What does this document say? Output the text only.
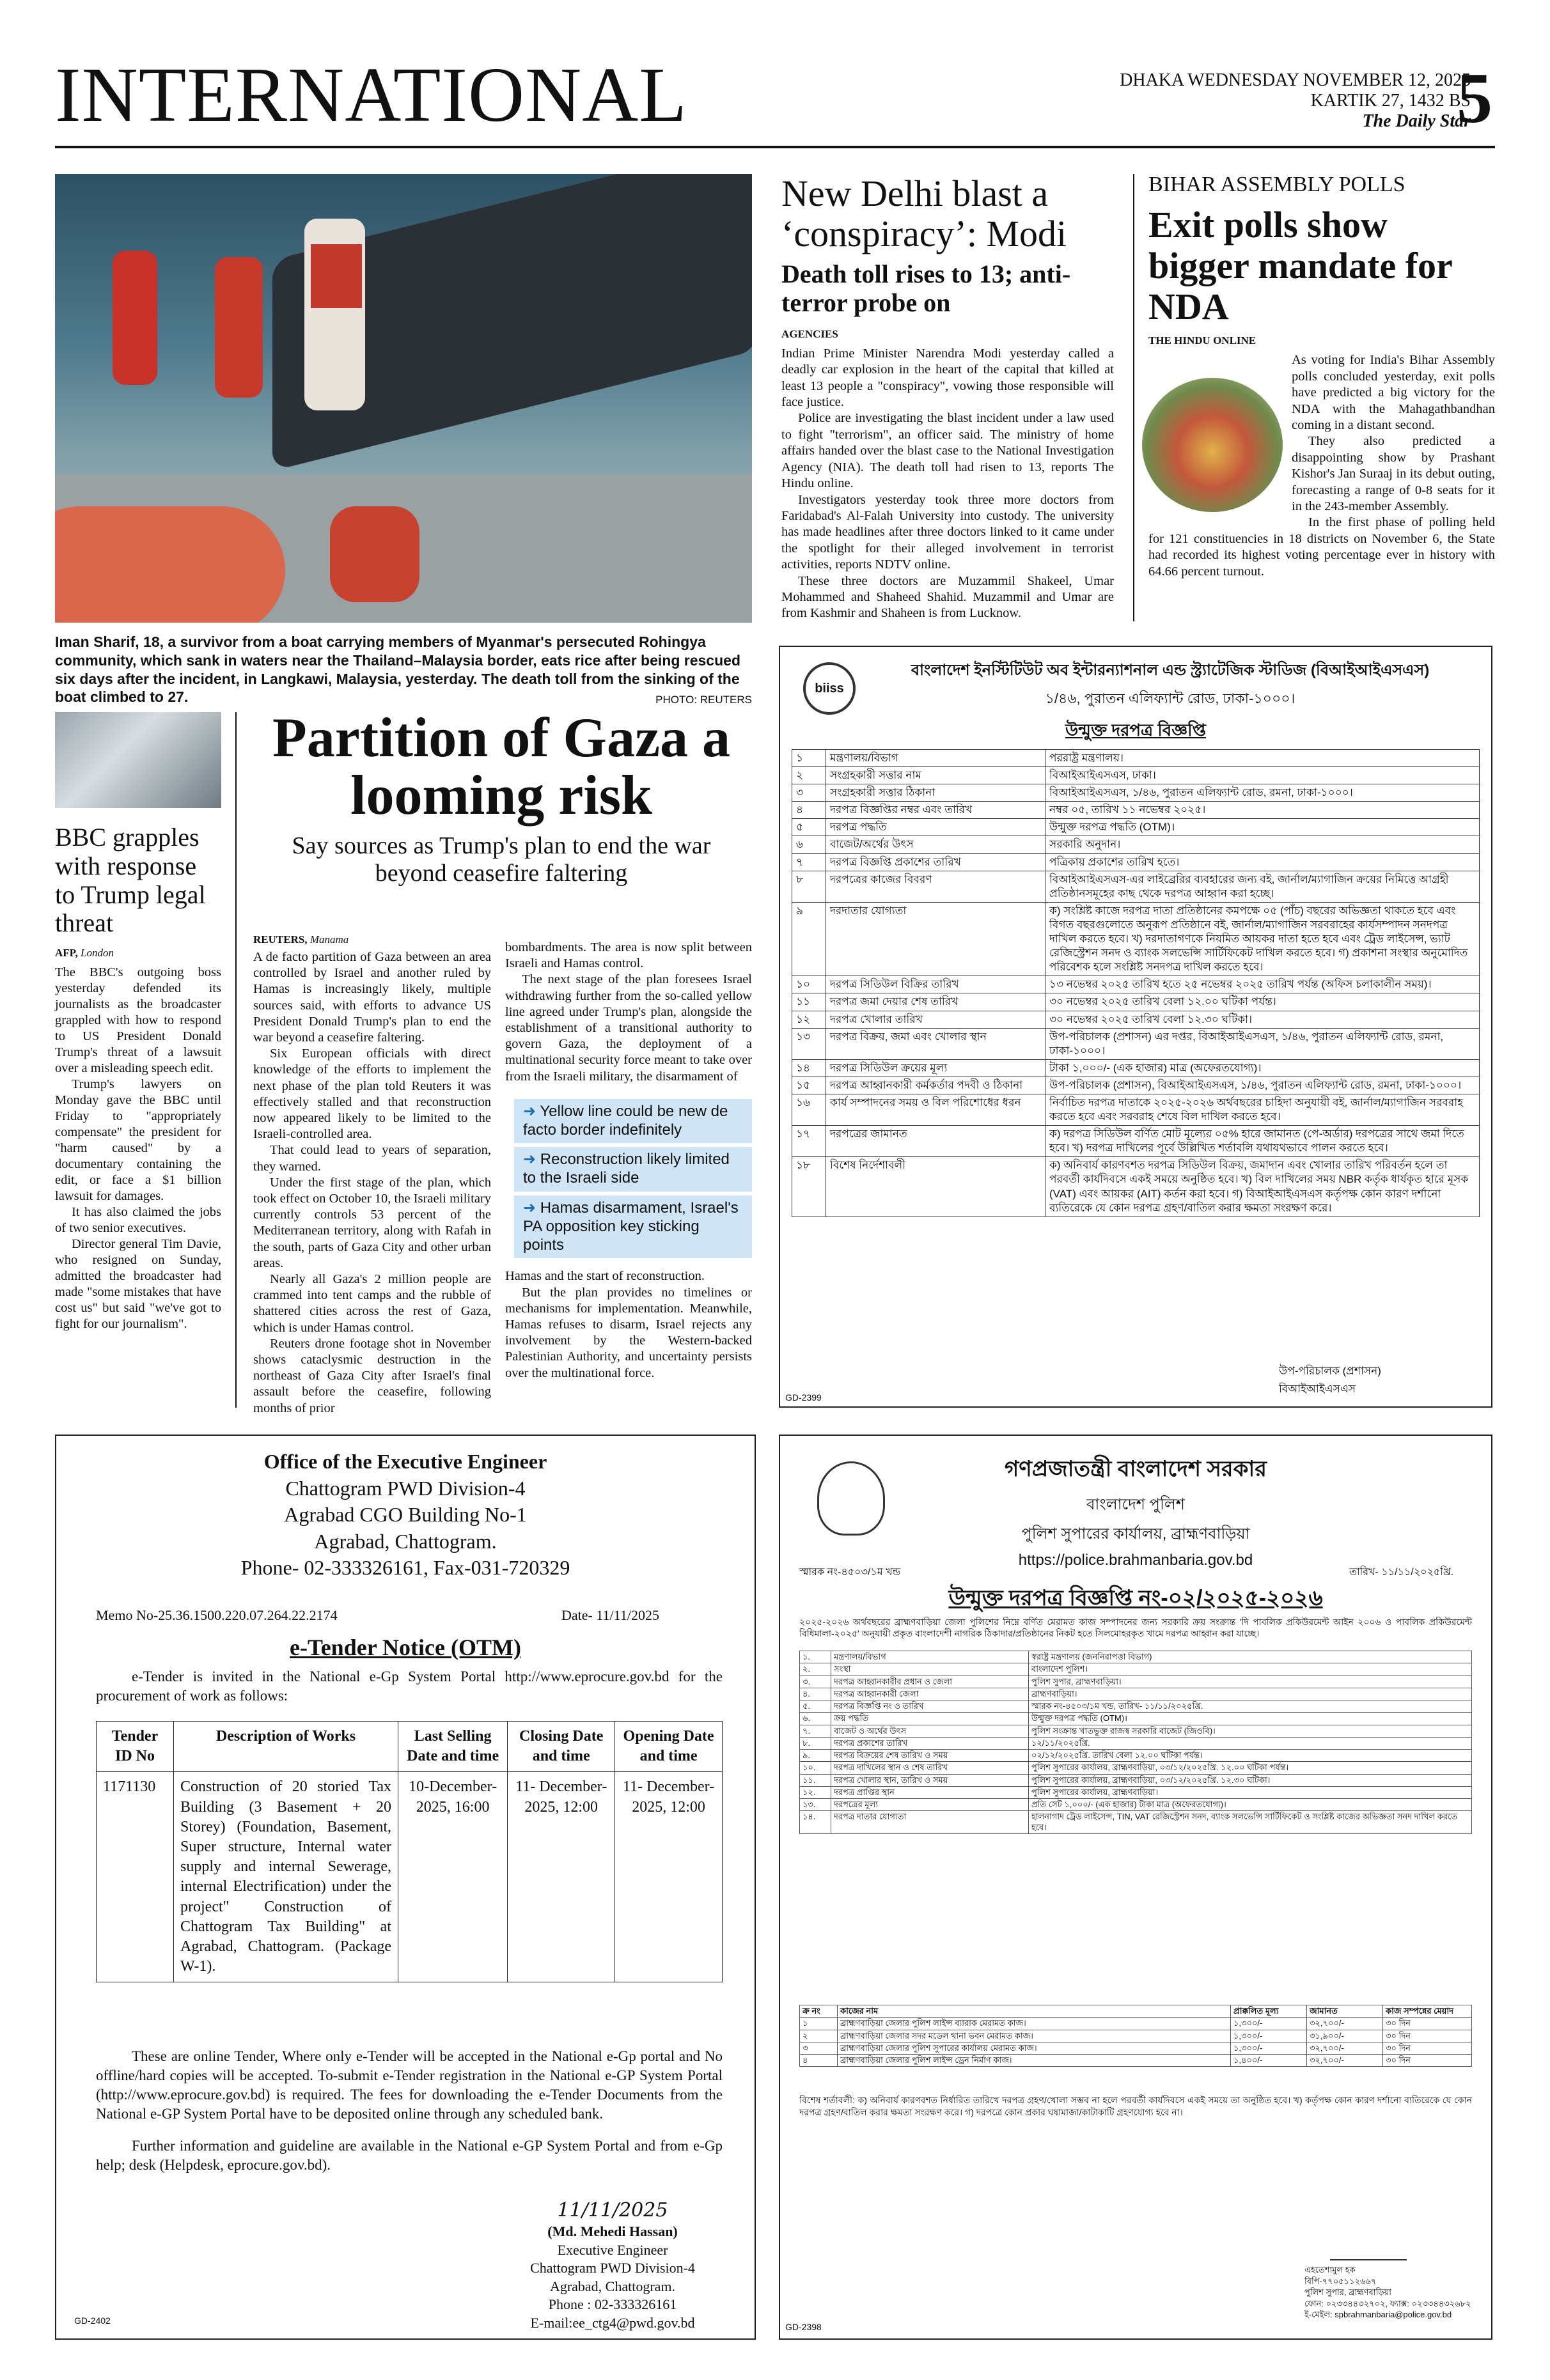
INTERNATIONAL	DHAKA WEDNESDAY NOVEMBER 12, 2025
KARTIK 27, 1432 BS
The Daily Star
5
Iman Sharif, 18, a survivor from a boat carrying members of Myanmar's persecuted Rohingya community, which sank in waters near the Thailand–Malaysia border, eats rice after being rescued six days after the incident, in Langkawi, Malaysia, yesterday. The death toll from the sinking of the boat climbed to 27.	PHOTO: REUTERS
New Delhi blast a ‘conspiracy’: Modi
Death toll rises to 13; anti-terror probe on
AGENCIES

Indian Prime Minister Narendra Modi yesterday called a deadly car explosion in the heart of the capital that killed at least 13 people a "conspiracy", vowing those responsible will face justice.

Police are investigating the blast incident under a law used to fight "terrorism", an officer said. The ministry of home affairs handed over the blast case to the National Investigation Agency (NIA). The death toll had risen to 13, reports The Hindu online.

Investigators yesterday took three more doctors from Faridabad's Al-Falah University into custody. The university has made headlines after three doctors linked to it came under the spotlight for their alleged involvement in terrorist activities, reports NDTV online.

These three doctors are Muzammil Shakeel, Umar Mohammed and Shaheed Shahid. Muzammil and Umar are from Kashmir and Shaheen is from Lucknow.

BIHAR ASSEMBLY POLLS
Exit polls show bigger mandate for NDA
THE HINDU ONLINE

As voting for India's Bihar Assembly polls concluded yesterday, exit polls have predicted a big victory for the NDA with the Mahagathbandhan coming in a distant second.

They also predicted a disappointing show by Prashant Kishor's Jan Suraaj in its debut outing, forecasting a range of 0-8 seats for it in the 243-member Assembly.

In the first phase of polling held for 121 constituencies in 18 districts on November 6, the State had recorded its highest voting percentage ever in history with 64.66 percent turnout.

BBC grapples with response to Trump legal threat
AFP, London

The BBC's outgoing boss yesterday defended its journalists as the broadcaster grappled with how to respond to US President Donald Trump's threat of a lawsuit over a misleading speech edit.

Trump's lawyers on Monday gave the BBC until Friday to "appropriately compensate" the president for "harm caused" by a documentary containing the edit, or face a $1 billion lawsuit for damages.

It has also claimed the jobs of two senior executives.

Director general Tim Davie, who resigned on Sunday, admitted the broadcaster had made "some mistakes that have cost us" but said "we've got to fight for our journalism".

Partition of Gaza a looming risk
Say sources as Trump's plan to end the war beyond ceasefire faltering
REUTERS, Manama

A de facto partition of Gaza between an area controlled by Israel and another ruled by Hamas is increasingly likely, multiple sources said, with efforts to advance US President Donald Trump's plan to end the war beyond a ceasefire faltering.

Six European officials with direct knowledge of the efforts to implement the next phase of the plan told Reuters it was effectively stalled and that reconstruction now appeared likely to be limited to the Israeli-controlled area.

That could lead to years of separation, they warned.

Under the first stage of the plan, which took effect on October 10, the Israeli military currently controls 53 percent of the Mediterranean territory, along with Rafah in the south, parts of Gaza City and other urban areas.

Nearly all Gaza's 2 million people are crammed into tent camps and the rubble of shattered cities across the rest of Gaza, which is under Hamas control.

Reuters drone footage shot in November shows cataclysmic destruction in the northeast of Gaza City after Israel's final assault before the ceasefire, following months of prior

bombardments. The area is now split between Israeli and Hamas control.

The next stage of the plan foresees Israel withdrawing further from the so-called yellow line agreed under Trump's plan, alongside the establishment of a transitional authority to govern Gaza, the deployment of a multinational security force meant to take over from the Israeli military, the disarmament of

➜ Yellow line could be new de facto border indefinitely
➜ Reconstruction likely limited to the Israeli side
➜ Hamas disarmament, Israel's PA opposition key sticking points

Hamas and the start of reconstruction.

But the plan provides no timelines or mechanisms for implementation. Meanwhile, Hamas refuses to disarm, Israel rejects any involvement by the Western-backed Palestinian Authority, and uncertainty persists over the multinational force.

biiss
বাংলাদেশ ইনস্টিটিউট অব ইন্টারন্যাশনাল এন্ড স্ট্র্যাটেজিক স্টাডিজ (বিআইআইএসএস)
১/৪৬, পুরাতন এলিফ্যান্ট রোড, ঢাকা-১০০০।
উন্মুক্ত দরপত্র বিজ্ঞপ্তি
১	মন্ত্রণালয়/বিভাগ	পররাষ্ট্র মন্ত্রণালয়।
২	সংগ্রহকারী সত্তার নাম	বিআইআইএসএস, ঢাকা।
৩	সংগ্রহকারী সত্তার ঠিকানা	বিআইআইএসএস, ১/৪৬, পুরাতন এলিফ্যান্ট রোড, রমনা, ঢাকা-১০০০।
৪	দরপত্র বিজ্ঞপ্তির নম্বর এবং তারিখ	নম্বর ০৫, তারিখ ১১ নভেম্বর ২০২৫।
৫	দরপত্র পদ্ধতি	উন্মুক্ত দরপত্র পদ্ধতি (OTM)।
৬	বাজেট/অর্থের উৎস	সরকারি অনুদান।
৭	দরপত্র বিজ্ঞপ্তি প্রকাশের তারিখ	পত্রিকায় প্রকাশের তারিখ হতে।
৮	দরপত্রের কাজের বিবরণ	বিআইআইএসএস-এর লাইব্রেরির ব্যবহারের জন্য বই, জার্নাল/ম্যাগাজিন ক্রয়ের নিমিত্তে আগ্রহী প্রতিষ্ঠানসমূহের কাছ থেকে দরপত্র আহ্বান করা হচ্ছে।
৯	দরদাতার যোগ্যতা	ক) সংশ্লিষ্ট কাজে দরপত্র দাতা প্রতিষ্ঠানের কমপক্ষে ০৫ (পাঁচ) বছরের অভিজ্ঞতা থাকতে হবে এবং বিগত বছরগুলোতে অনুরূপ প্রতিষ্ঠানে বই, জার্নাল/ম্যাগাজিন সরবরাহের কার্যসম্পাদন সনদপত্র দাখিল করতে হবে। খ) দরদাতাগণকে নিয়মিত আয়কর দাতা হতে হবে এবং ট্রেড লাইসেন্স, ভ্যাট রেজিস্ট্রেশন সনদ ও ব্যাংক সলভেন্সি সার্টিফিকেট দাখিল করতে হবে। গ) প্রকাশনা সংস্থার অনুমোদিত পরিবেশক হলে সংশ্লিষ্ট সনদপত্র দাখিল করতে হবে।
১০	দরপত্র সিডিউল বিক্রির তারিখ	১৩ নভেম্বর ২০২৫ তারিখ হতে ২৫ নভেম্বর ২০২৫ তারিখ পর্যন্ত (অফিস চলাকালীন সময়)।
১১	দরপত্র জমা দেয়ার শেষ তারিখ	৩০ নভেম্বর ২০২৫ তারিখ বেলা ১২.০০ ঘটিকা পর্যন্ত।
১২	দরপত্র খোলার তারিখ	৩০ নভেম্বর ২০২৫ তারিখ বেলা ১২.৩০ ঘটিকা।
১৩	দরপত্র বিক্রয়, জমা এবং খোলার স্থান	উপ-পরিচালক (প্রশাসন) এর দপ্তর, বিআইআইএসএস, ১/৪৬, পুরাতন এলিফ্যান্ট রোড, রমনা, ঢাকা-১০০০।
১৪	দরপত্র সিডিউল ক্রয়ের মূল্য	টাকা ১,০০০/- (এক হাজার) মাত্র (অফেরতযোগ্য)।
১৫	দরপত্র আহ্বানকারী কর্মকর্তার পদবী ও ঠিকানা	উপ-পরিচালক (প্রশাসন), বিআইআইএসএস, ১/৪৬, পুরাতন এলিফ্যান্ট রোড, রমনা, ঢাকা-১০০০।
১৬	কার্য সম্পাদনের সময় ও বিল পরিশোধের ধরন	নির্বাচিত দরপত্র দাতাকে ২০২৫-২০২৬ অর্থবছরের চাহিদা অনুযায়ী বই, জার্নাল/ম্যাগাজিন সরবরাহ করতে হবে এবং সরবরাহ শেষে বিল দাখিল করতে হবে।
১৭	দরপত্রের জামানত	ক) দরপত্র সিডিউল বর্ণিত মোট মূল্যের ০৫% হারে জামানত (পে-অর্ডার) দরপত্রের সাথে জমা দিতে হবে। খ) দরপত্র দাখিলের পূর্বে উল্লিখিত শর্তাবলি যথাযথভাবে পালন করতে হবে।
১৮	বিশেষ নির্দেশাবলী	ক) অনিবার্য কারণবশত দরপত্র সিডিউল বিক্রয়, জমাদান এবং খোলার তারিখ পরিবর্তন হলে তা পরবর্তী কার্যদিবসে একই সময়ে অনুষ্ঠিত হবে। খ) বিল দাখিলের সময় NBR কর্তৃক ধার্যকৃত হারে মূসক (VAT) এবং আয়কর (AIT) কর্তন করা হবে। গ) বিআইআইএসএস কর্তৃপক্ষ কোন কারণ দর্শানো ব্যতিরেকে যে কোন দরপত্র গ্রহণ/বাতিল করার ক্ষমতা সংরক্ষণ করে।
উপ-পরিচালক (প্রশাসন)
বিআইআইএসএস
GD-2399
Office of the Executive Engineer
Chattogram PWD Division-4
Agrabad CGO Building No-1
Agrabad, Chattogram.
Phone- 02-333326161, Fax-031-720329
Memo No-25.36.1500.220.07.264.22.2174	Date- 11/11/2025
e-Tender Notice (OTM)
e-Tender is invited in the National e-Gp System Portal http://www.eprocure.gov.bd for the procurement of work as follows:
Tender ID No	Description of Works	Last Selling Date and time	Closing Date and time	Opening Date and time
1171130	Construction of 20 storied Tax Building (3 Basement + 20 Storey) (Foundation, Basement, Super structure, Internal water supply and internal Sewerage, internal Electrification) under the project" Construction of Chattogram Tax Building" at Agrabad, Chattogram. (Package W-1).	10-December-2025, 16:00	11- December-2025, 12:00	11- December-2025, 12:00
These are online Tender, Where only e-Tender will be accepted in the National e-Gp portal and No offline/hard copies will be accepted. To-submit e-Tender registration in the National e-GP System Portal (http://www.eprocure.gov.bd) is required. The fees for downloading the e-Tender Documents from the National e-GP System Portal have to be deposited online through any scheduled bank.
Further information and guideline are available in the National e-GP System Portal and from e-Gp help; desk (Helpdesk, eprocure.gov.bd).
11/11/2025
(Md. Mehedi Hassan)
Executive Engineer
Chattogram PWD Division-4
Agrabad, Chattogram.
Phone : 02-333326161
E-mail:ee_ctg4@pwd.gov.bd
GD-2402
গণপ্রজাতন্ত্রী বাংলাদেশ সরকার
বাংলাদেশ পুলিশ
পুলিশ সুপারের কার্যালয়, ব্রাহ্মণবাড়িয়া
https://police.brahmanbaria.gov.bd
স্মারক নং-৪৫০৩/১ম খন্ড	তারিখ- ১১/১১/২০২৫খ্রি.
উন্মুক্ত দরপত্র বিজ্ঞপ্তি নং-০২/২০২৫-২০২৬
২০২৫-২০২৬ অর্থবছরের ব্রাহ্মণবাড়িয়া জেলা পুলিশের নিম্নে বর্ণিত মেরামত কাজ সম্পাদনের জন্য সরকারি ক্রয় সংক্রান্ত 'দি পাবলিক প্রকিউরমেন্ট আইন ২০০৬ ও পাবলিক প্রকিউরমেন্ট বিধিমালা-২০২৫' অনুযায়ী প্রকৃত বাংলাদেশী নাগরিক ঠিকাদার/প্রতিষ্ঠানের নিকট হতে সিলমোহরকৃত খামে দরপত্র আহ্বান করা যাচ্ছে।
১.	মন্ত্রণালয়/বিভাগ	স্বরাষ্ট্র মন্ত্রণালয় (জননিরাপত্তা বিভাগ)
২.	সংস্থা	বাংলাদেশ পুলিশ।
৩.	দরপত্র আহ্বানকারীর প্রধান ও জেলা	পুলিশ সুপার, ব্রাহ্মণবাড়িয়া।
৪.	দরপত্র আহ্বানকারী জেলা	ব্রাহ্মণবাড়িয়া।
৫.	দরপত্র বিজ্ঞপ্তি নং ও তারিখ	স্মারক নং-৪৫০৩/১ম খন্ড, তারিখ- ১১/১১/২০২৫খ্রি.
৬.	ক্রয় পদ্ধতি	উন্মুক্ত দরপত্র পদ্ধতি (OTM)।
৭.	বাজেট ও অর্থের উৎস	পুলিশ সংক্রান্ত খাতভুক্ত রাজস্ব সরকারি বাজেট (জিওবি)।
৮.	দরপত্র প্রকাশের তারিখ	১২/১১/২০২৫খ্রি.
৯.	দরপত্র বিক্রয়ের শেষ তারিখ ও সময়	০২/১২/২০২৫খ্রি. তারিখ বেলা ১২.০০ ঘটিকা পর্যন্ত।
১০.	দরপত্র দাখিলের স্থান ও শেষ তারিখ	পুলিশ সুপারের কার্যালয়, ব্রাহ্মণবাড়িয়া, ০৩/১২/২০২৫খ্রি. ১২.০০ ঘটিকা পর্যন্ত।
১১.	দরপত্র খোলার স্থান, তারিখ ও সময়	পুলিশ সুপারের কার্যালয়, ব্রাহ্মণবাড়িয়া, ০৩/১২/২০২৫খ্রি. ১২.৩০ ঘটিকা।
১২.	দরপত্র প্রাপ্তির স্থান	পুলিশ সুপারের কার্যালয়, ব্রাহ্মণবাড়িয়া।
১৩.	দরপত্রের মূল্য	প্রতি সেট ১,০০০/- (এক হাজার) টাকা মাত্র (অফেরতযোগ্য)।
১৪.	দরপত্র দাতার যোগ্যতা	হালনাগাদ ট্রেড লাইসেন্স, TIN, VAT রেজিস্ট্রেশন সনদ, ব্যাংক সলভেন্সি সার্টিফিকেট ও সংশ্লিষ্ট কাজের অভিজ্ঞতা সনদ দাখিল করতে হবে।
ক্র নং	কাজের নাম	প্রাক্কলিত মূল্য	জামানত	কাজ সম্পন্নের মেয়াদ
১	ব্রাহ্মণবাড়িয়া জেলার পুলিশ লাইন্স ব্যারাক মেরামত কাজ।	১,৩০০/-	৩২,৭০০/-	৩০ দিন
২	ব্রাহ্মণবাড়িয়া জেলার সদর মডেল থানা ভবন মেরামত কাজ।	১,৩০০/-	৩১,৯০০/-	৩০ দিন
৩	ব্রাহ্মণবাড়িয়া জেলার পুলিশ সুপারের কার্যালয় মেরামত কাজ।	১,৩০০/-	৩২,৭০০/-	৩০ দিন
৪	ব্রাহ্মণবাড়িয়া জেলার পুলিশ লাইন্স ড্রেন নির্মাণ কাজ।	১,৪০০/-	৩২,৭০০/-	৩০ দিন
বিশেষ শর্তাবলী: ক) অনিবার্য কারণবশত নির্ধারিত তারিখে দরপত্র গ্রহণ/খোলা সম্ভব না হলে পরবর্তী কার্যদিবসে একই সময়ে তা অনুষ্ঠিত হবে। খ) কর্তৃপক্ষ কোন কারণ দর্শানো ব্যতিরেকে যে কোন দরপত্র গ্রহণ/বাতিল করার ক্ষমতা সংরক্ষণ করে। গ) দরপত্রে কোন প্রকার ঘষামাজা/কাটাকাটি গ্রহণযোগ্য হবে না।
এহতেশামুল হক
বিপি-৭৭০৫১১২৬৬৭
পুলিশ সুপার, ব্রাহ্মণবাড়িয়া
ফোন: ০২৩৩৪৪৩২৭০২, ফ্যাক্স: ০২৩৩৪৪৩২৬৮২
ই-মেইল: spbrahmanbaria@police.gov.bd
GD-2398
